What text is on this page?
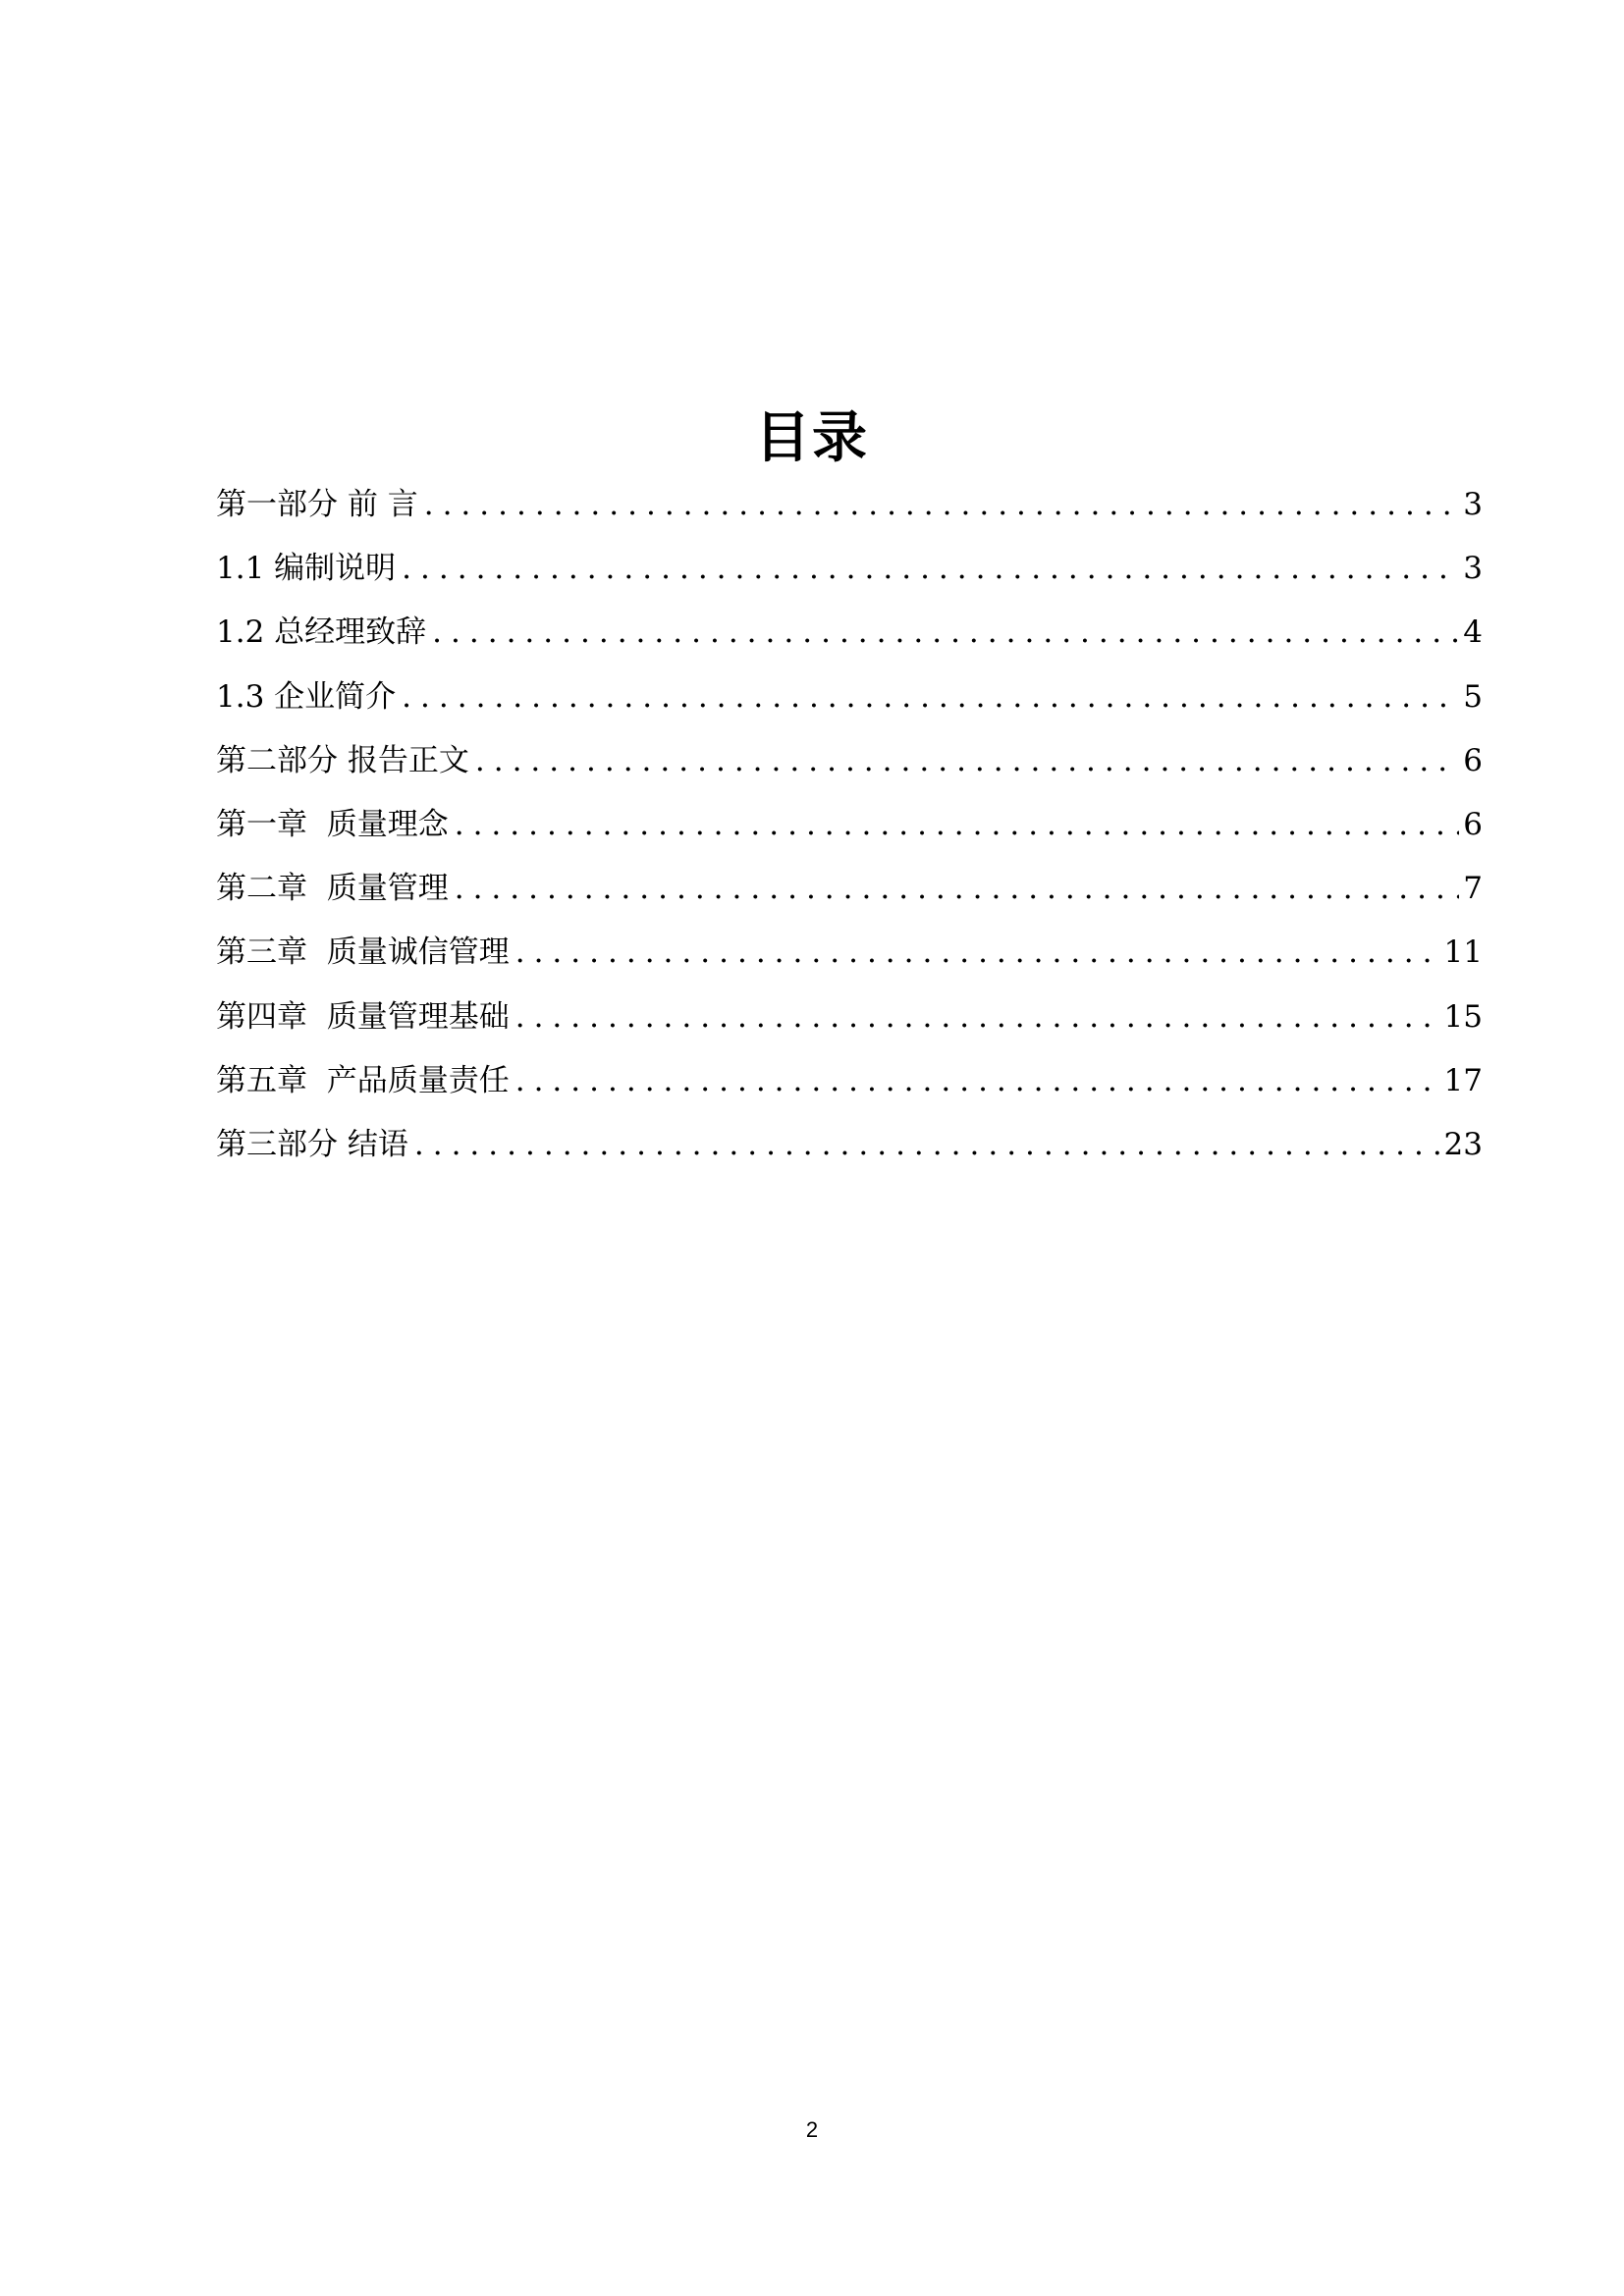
目录
第一部分 前 言 .....	3
1.1 编制说明 .....	3
1.2 总经理致辞 .....	4
1.3 企业简介 .....	5
第二部分 报告正文 .....	6
第一章  质量理念 .....	6
第二章  质量管理 .....	7
第三章  质量诚信管理 .....	11
第四章  质量管理基础 .....	15
第五章  产品质量责任 .....	17
第三部分 结语 .....	23
2
